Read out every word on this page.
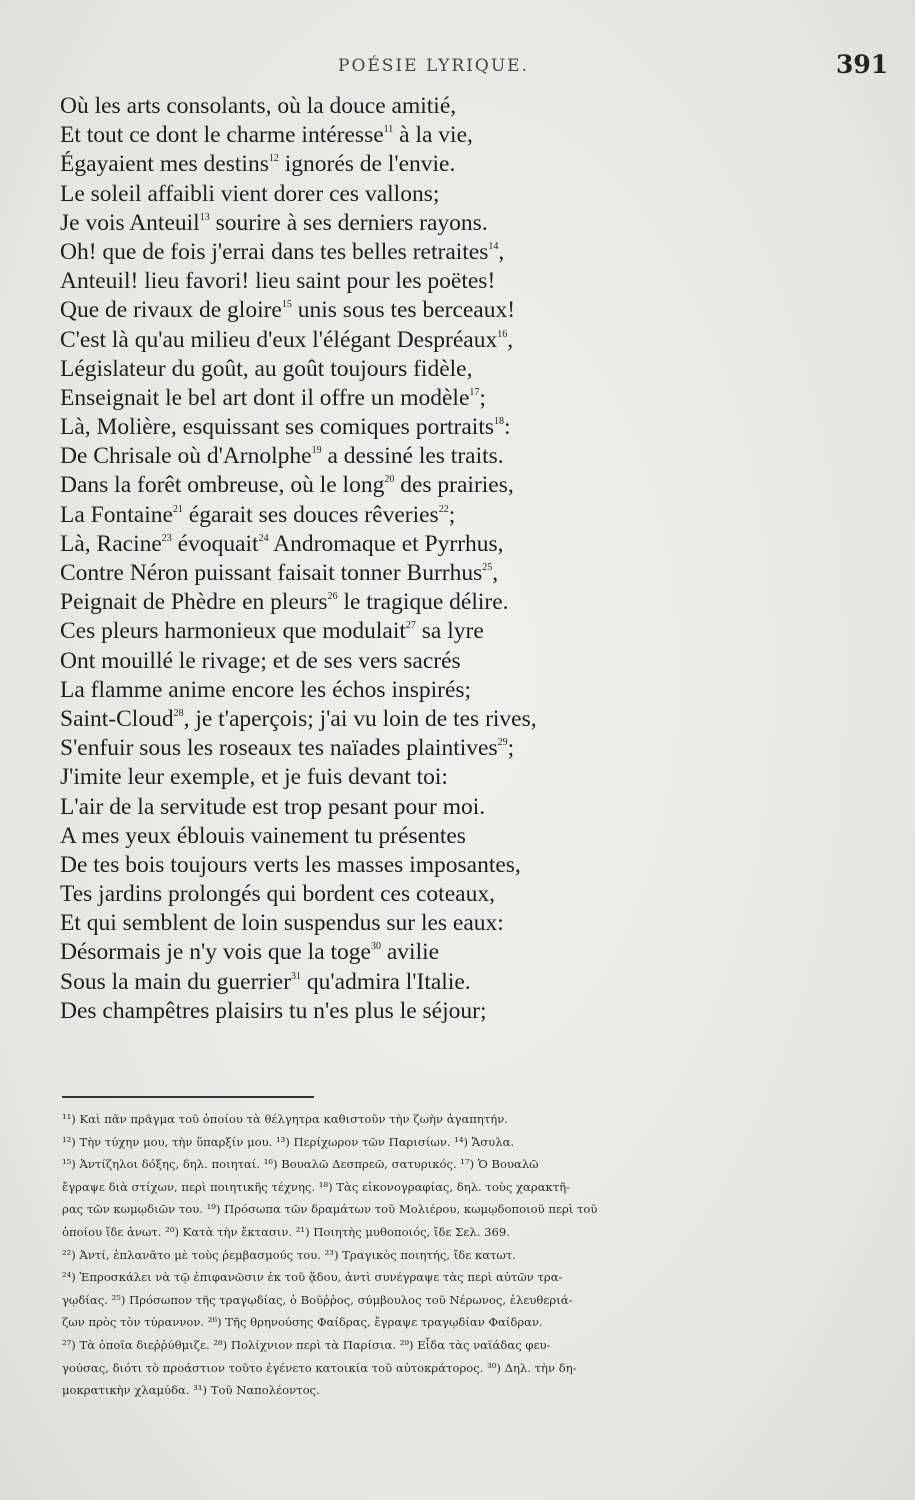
POÉSIE LYRIQUE.	391
Où les arts consolants, où la douce amitié,
Et tout ce dont le charme intéresse$^{11}$ à la vie,
Égayaient mes destins$^{12}$ ignorés de l'envie.
Le soleil affaibli vient dorer ces vallons;
Je vois Anteuil$^{13}$ sourire à ses derniers rayons.
Oh! que de fois j'errai dans tes belles retraites$^{14}$,
Anteuil! lieu favori! lieu saint pour les poëtes!
Que de rivaux de gloire$^{15}$ unis sous tes berceaux!
C'est là qu'au milieu d'eux l'élégant Despréaux$^{16}$,
Législateur du goût, au goût toujours fidèle,
Enseignait le bel art dont il offre un modèle$^{17}$;
Là, Molière, esquissant ses comiques portraits$^{18}$:
De Chrisale où d'Arnolphe$^{19}$ a dessiné les traits.
Dans la forêt ombreuse, où le long$^{20}$ des prairies,
La Fontaine$^{21}$ égarait ses douces rêveries$^{22}$;
Là, Racine$^{23}$ évoquait$^{24}$ Andromaque et Pyrrhus,
Contre Néron puissant faisait tonner Burrhus$^{25}$,
Peignait de Phèdre en pleurs$^{26}$ le tragique délire.
Ces pleurs harmonieux que modulait$^{27}$ sa lyre
Ont mouillé le rivage; et de ses vers sacrés
La flamme anime encore les échos inspirés;
Saint-Cloud$^{28}$, je t'aperçois; j'ai vu loin de tes rives,
S'enfuir sous les roseaux tes naïades plaintives$^{29}$;
J'imite leur exemple, et je fuis devant toi:
L'air de la servitude est trop pesant pour moi.
A mes yeux éblouis vainement tu présentes
De tes bois toujours verts les masses imposantes,
Tes jardins prolongés qui bordent ces coteaux,
Et qui semblent de loin suspendus sur les eaux:
Désormais je n'y vois que la toge$^{30}$ avilie
Sous la main du guerrier$^{31}$ qu'admira l'Italie.
Des champêtres plaisirs tu n'es plus le séjour;
¹¹) Καὶ πᾶν πρᾶγμα τοῦ ὁποίου τὰ θέλγητρα καθιστοῦν τὴν ζωὴν ἀγαπητήν.
¹²) Τὴν τύχην μου, τὴν ὕπαρξίν μου. ¹³) Περίχωρον τῶν Παρισίων. ¹⁴) Ἄσυλα.
¹⁵) Ἀντίζηλοι δόξης, δηλ. ποιηταί. ¹⁶) Βουαλῶ Δεσπρεῶ, σατυρικός. ¹⁷) Ὁ Βουαλῶ
ἔγραψε διὰ στίχων, περὶ ποιητικῆς τέχνης. ¹⁸) Τὰς εἰκονογραφίας, δηλ. τοὺς χαρακτῆ-
ρας τῶν κωμῳδιῶν του. ¹⁹) Πρόσωπα τῶν δραμάτων τοῦ Μολιέρου, κωμῳδοποιοῦ περὶ τοῦ
ὁποίου ἴδε ἀνωτ. ²⁰) Κατὰ τὴν ἔκτασιν. ²¹) Ποιητὴς μυθοποιός, ἴδε Σελ. 369.
²²) Ἀντί, ἐπλανᾶτο μὲ τοὺς ῥεμβασμούς του. ²³) Τραγικὸς ποιητής, ἴδε κατωτ.
²⁴) Ἐπροσκάλει νὰ τῷ ἐπιφανῶσιν ἐκ τοῦ ᾅδου, ἀντὶ συνέγραψε τὰς περὶ αὐτῶν τρα-
γῳδίας. ²⁵) Πρόσωπον τῆς τραγῳδίας, ὁ Βοῦῤῥος, σύμβουλος τοῦ Νέρωνος, ἐλευθεριά-
ζων πρὸς τὸν τύραννον. ²⁶) Τῆς θρηνούσης Φαίδρας, ἔγραψε τραγῳδίαν Φαίδραν.
²⁷) Τὰ ὁποῖα διεῤῥύθμιζε. ²⁸) Πολίχνιον περὶ τὰ Παρίσια. ²⁹) Εἶδα τὰς ναϊάδας φευ-
γούσας, διότι τὸ προάστιον τοῦτο ἐγένετο κατοικία τοῦ αὐτοκράτορος. ³⁰) Δηλ. τὴν δη-
μοκρατικὴν χλαμύδα. ³¹) Τοῦ Ναπολέοντος.
